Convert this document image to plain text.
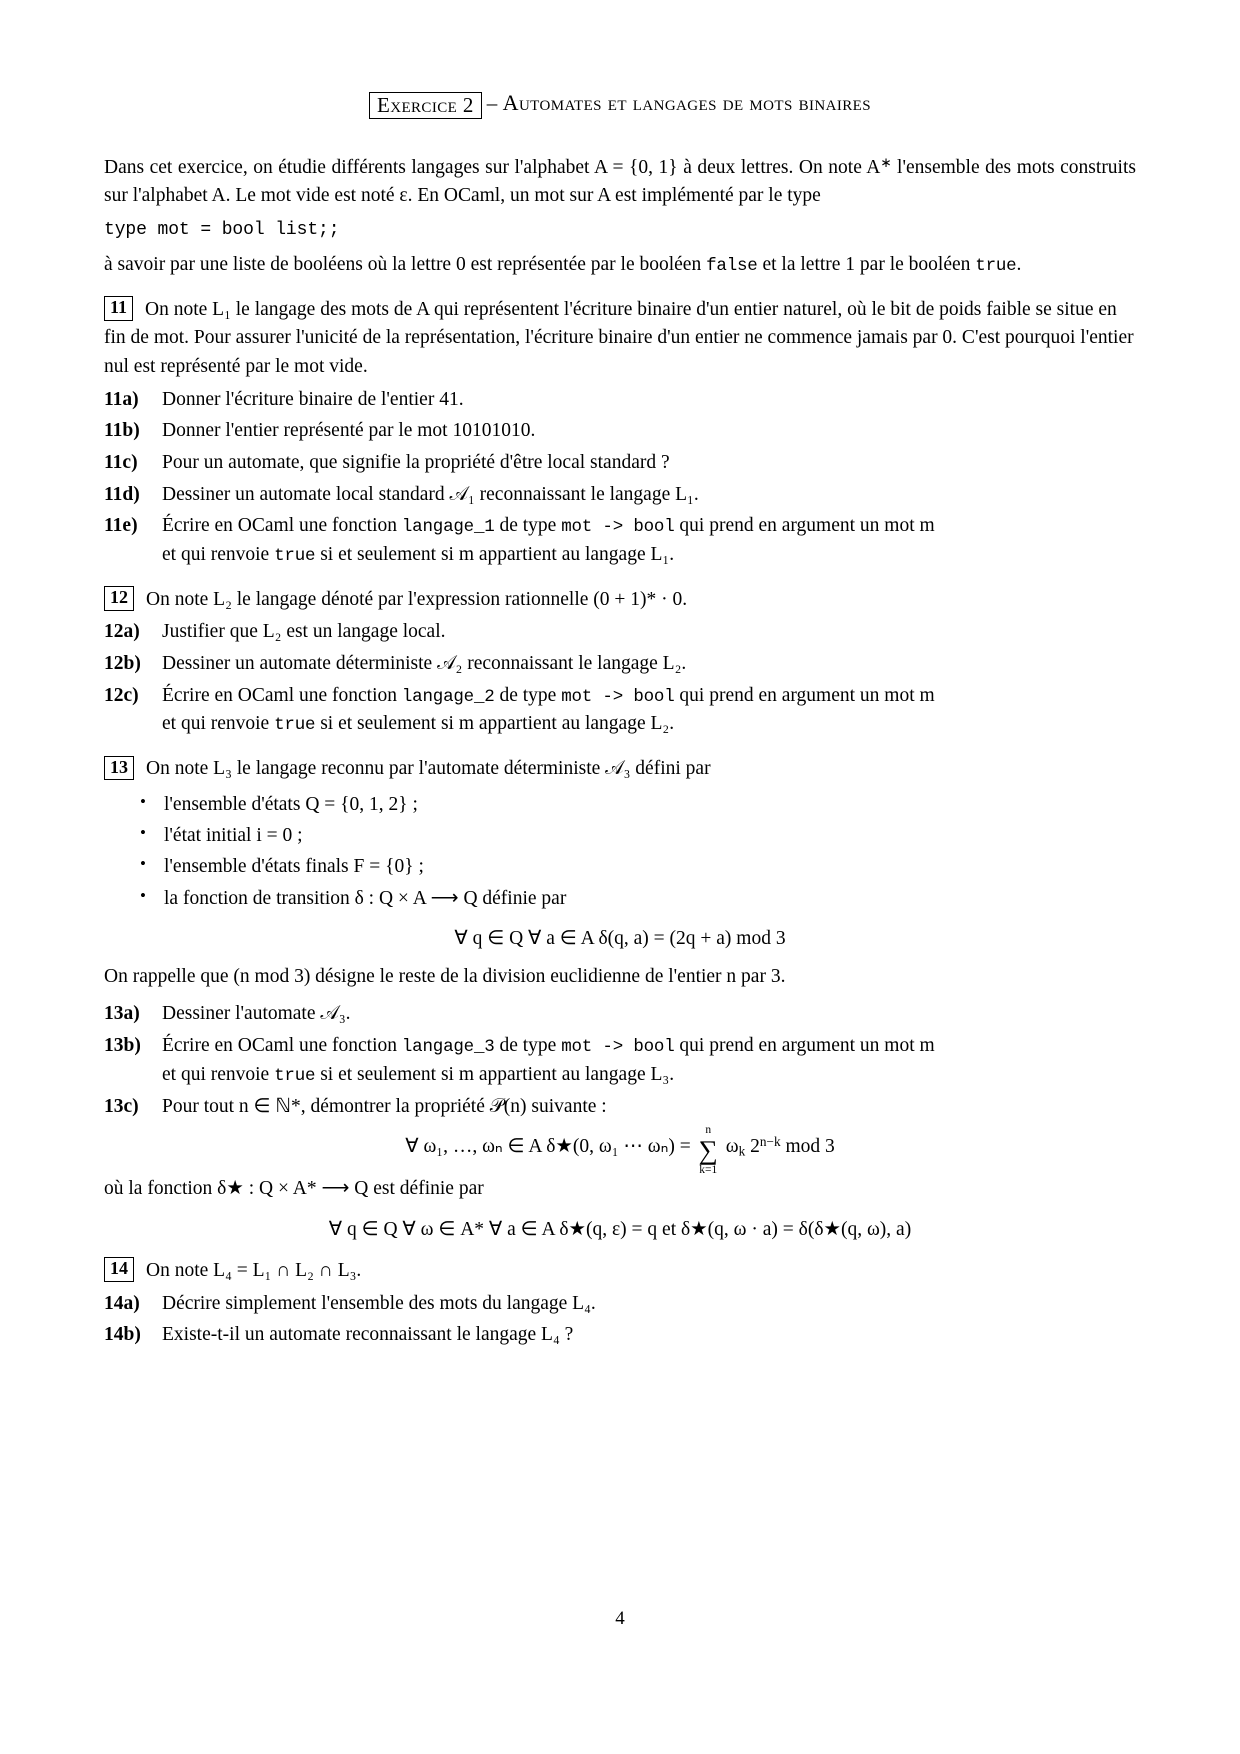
Exercice 2 – Automates et langages de mots binaires

Dans cet exercice, on étudie différents langages sur l'alphabet A = {0, 1} à deux lettres. On note A∗ l'ensemble des mots construits sur l'alphabet A. Le mot vide est noté ε. En OCaml, un mot sur A est implémenté par le type

type mot = bool list;;

à savoir par une liste de booléens où la lettre 0 est représentée par le booléen false et la lettre 1 par le booléen true.

11 On note L₁ le langage des mots de A qui représentent l'écriture binaire d'un entier naturel, où le bit de poids faible se situe en fin de mot. Pour assurer l'unicité de la représentation, l'écriture binaire d'un entier ne commence jamais par 0. C'est pourquoi l'entier nul est représenté par le mot vide.
11a)	Donner l'écriture binaire de l'entier 41.
11b)	Donner l'entier représenté par le mot 10101010.
11c)	Pour un automate, que signifie la propriété d'être local standard ?
11d)	Dessiner un automate local standard 𝒜₁ reconnaissant le langage L₁.
11e)	Écrire en OCaml une fonction langage_1 de type mot -> bool qui prend en argument un mot m
et qui renvoie true si et seulement si m appartient au langage L₁.
12 On note L₂ le langage dénoté par l'expression rationnelle (0 + 1)* · 0.
12a)	Justifier que L₂ est un langage local.
12b)	Dessiner un automate déterministe 𝒜₂ reconnaissant le langage L₂.
12c)	Écrire en OCaml une fonction langage_2 de type mot -> bool qui prend en argument un mot m
et qui renvoie true si et seulement si m appartient au langage L₂.
13 On note L₃ le langage reconnu par l'automate déterministe 𝒜₃ défini par
• l'ensemble d'états Q = {0, 1, 2} ;
• l'état initial i = 0 ;
• l'ensemble d'états finals F = {0} ;
• la fonction de transition δ : Q × A ⟶ Q définie par
∀ q ∈ Q ∀ a ∈ A δ(q, a) = (2q + a) mod 3

On rappelle que (n mod 3) désigne le reste de la division euclidienne de l'entier n par 3.

13a)	Dessiner l'automate 𝒜₃.
13b)	Écrire en OCaml une fonction langage_3 de type mot -> bool qui prend en argument un mot m
et qui renvoie true si et seulement si m appartient au langage L₃.
13c)	Pour tout n ∈ ℕ*, démontrer la propriété 𝒫(n) suivante :
∀ ω₁, …, ωₙ ∈ A δ★(0, ω₁ ⋯ ωₙ) =
n
∑
k=1
$\omega_k$ $2^{n-k}$ mod 3

où la fonction δ★ : Q × A* ⟶ Q est définie par

∀ q ∈ Q ∀ ω ∈ A* ∀ a ∈ A δ★(q, ε) = q et δ★(q, ω · a) = δ(δ★(q, ω), a)
14 On note L₄ = L₁ ∩ L₂ ∩ L₃.
14a)	Décrire simplement l'ensemble des mots du langage L₄.
14b)	Existe-t-il un automate reconnaissant le langage L₄ ?
4
